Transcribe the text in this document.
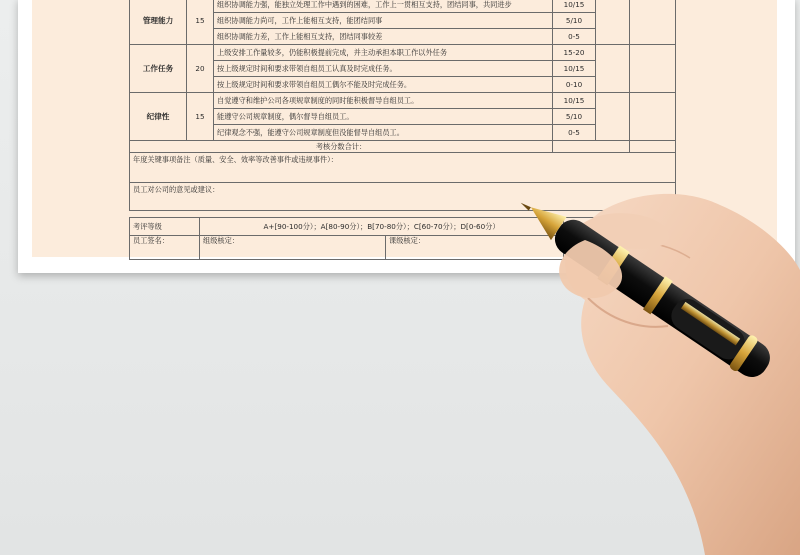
管理能力	15	组织协调能力强，能独立处理工作中遇到的困难，工作上一贯相互支持，团结同事，共同进步	10/15		
		组织协调能力尚可，工作上能相互支持，能团结同事	5/10		
		组织协调能力差，工作上能相互支持，团结同事较差	0-5		
工作任务	20	上级安排工作量较多，仍能积极提前完成，并主动承担本职工作以外任务	15-20		
		按上级规定时间和要求带领自组员工认真及时完成任务。	10/15		
		按上级规定时间和要求带领自组员工偶尔不能及时完成任务。	0-10		
纪律性	15	自觉遵守和维护公司各项规章制度的同时能积极督导自组员工。	10/15		
		能遵守公司规章制度，偶尔督导自组员工。	5/10		
		纪律观念不强，能遵守公司规章制度但没能督导自组员工。	0-5		
考核分数合计：					
年度关键事项备注（质量、安全、效率等改善事件或违规事件）：					
员工对公司的意见或建议：					
考评等级	A+[90-100分）；A[80-90分）；B[70-80分）；C[60-70分）；D[0-60分）	
员工签名：	组级核定：	课级核定：	
